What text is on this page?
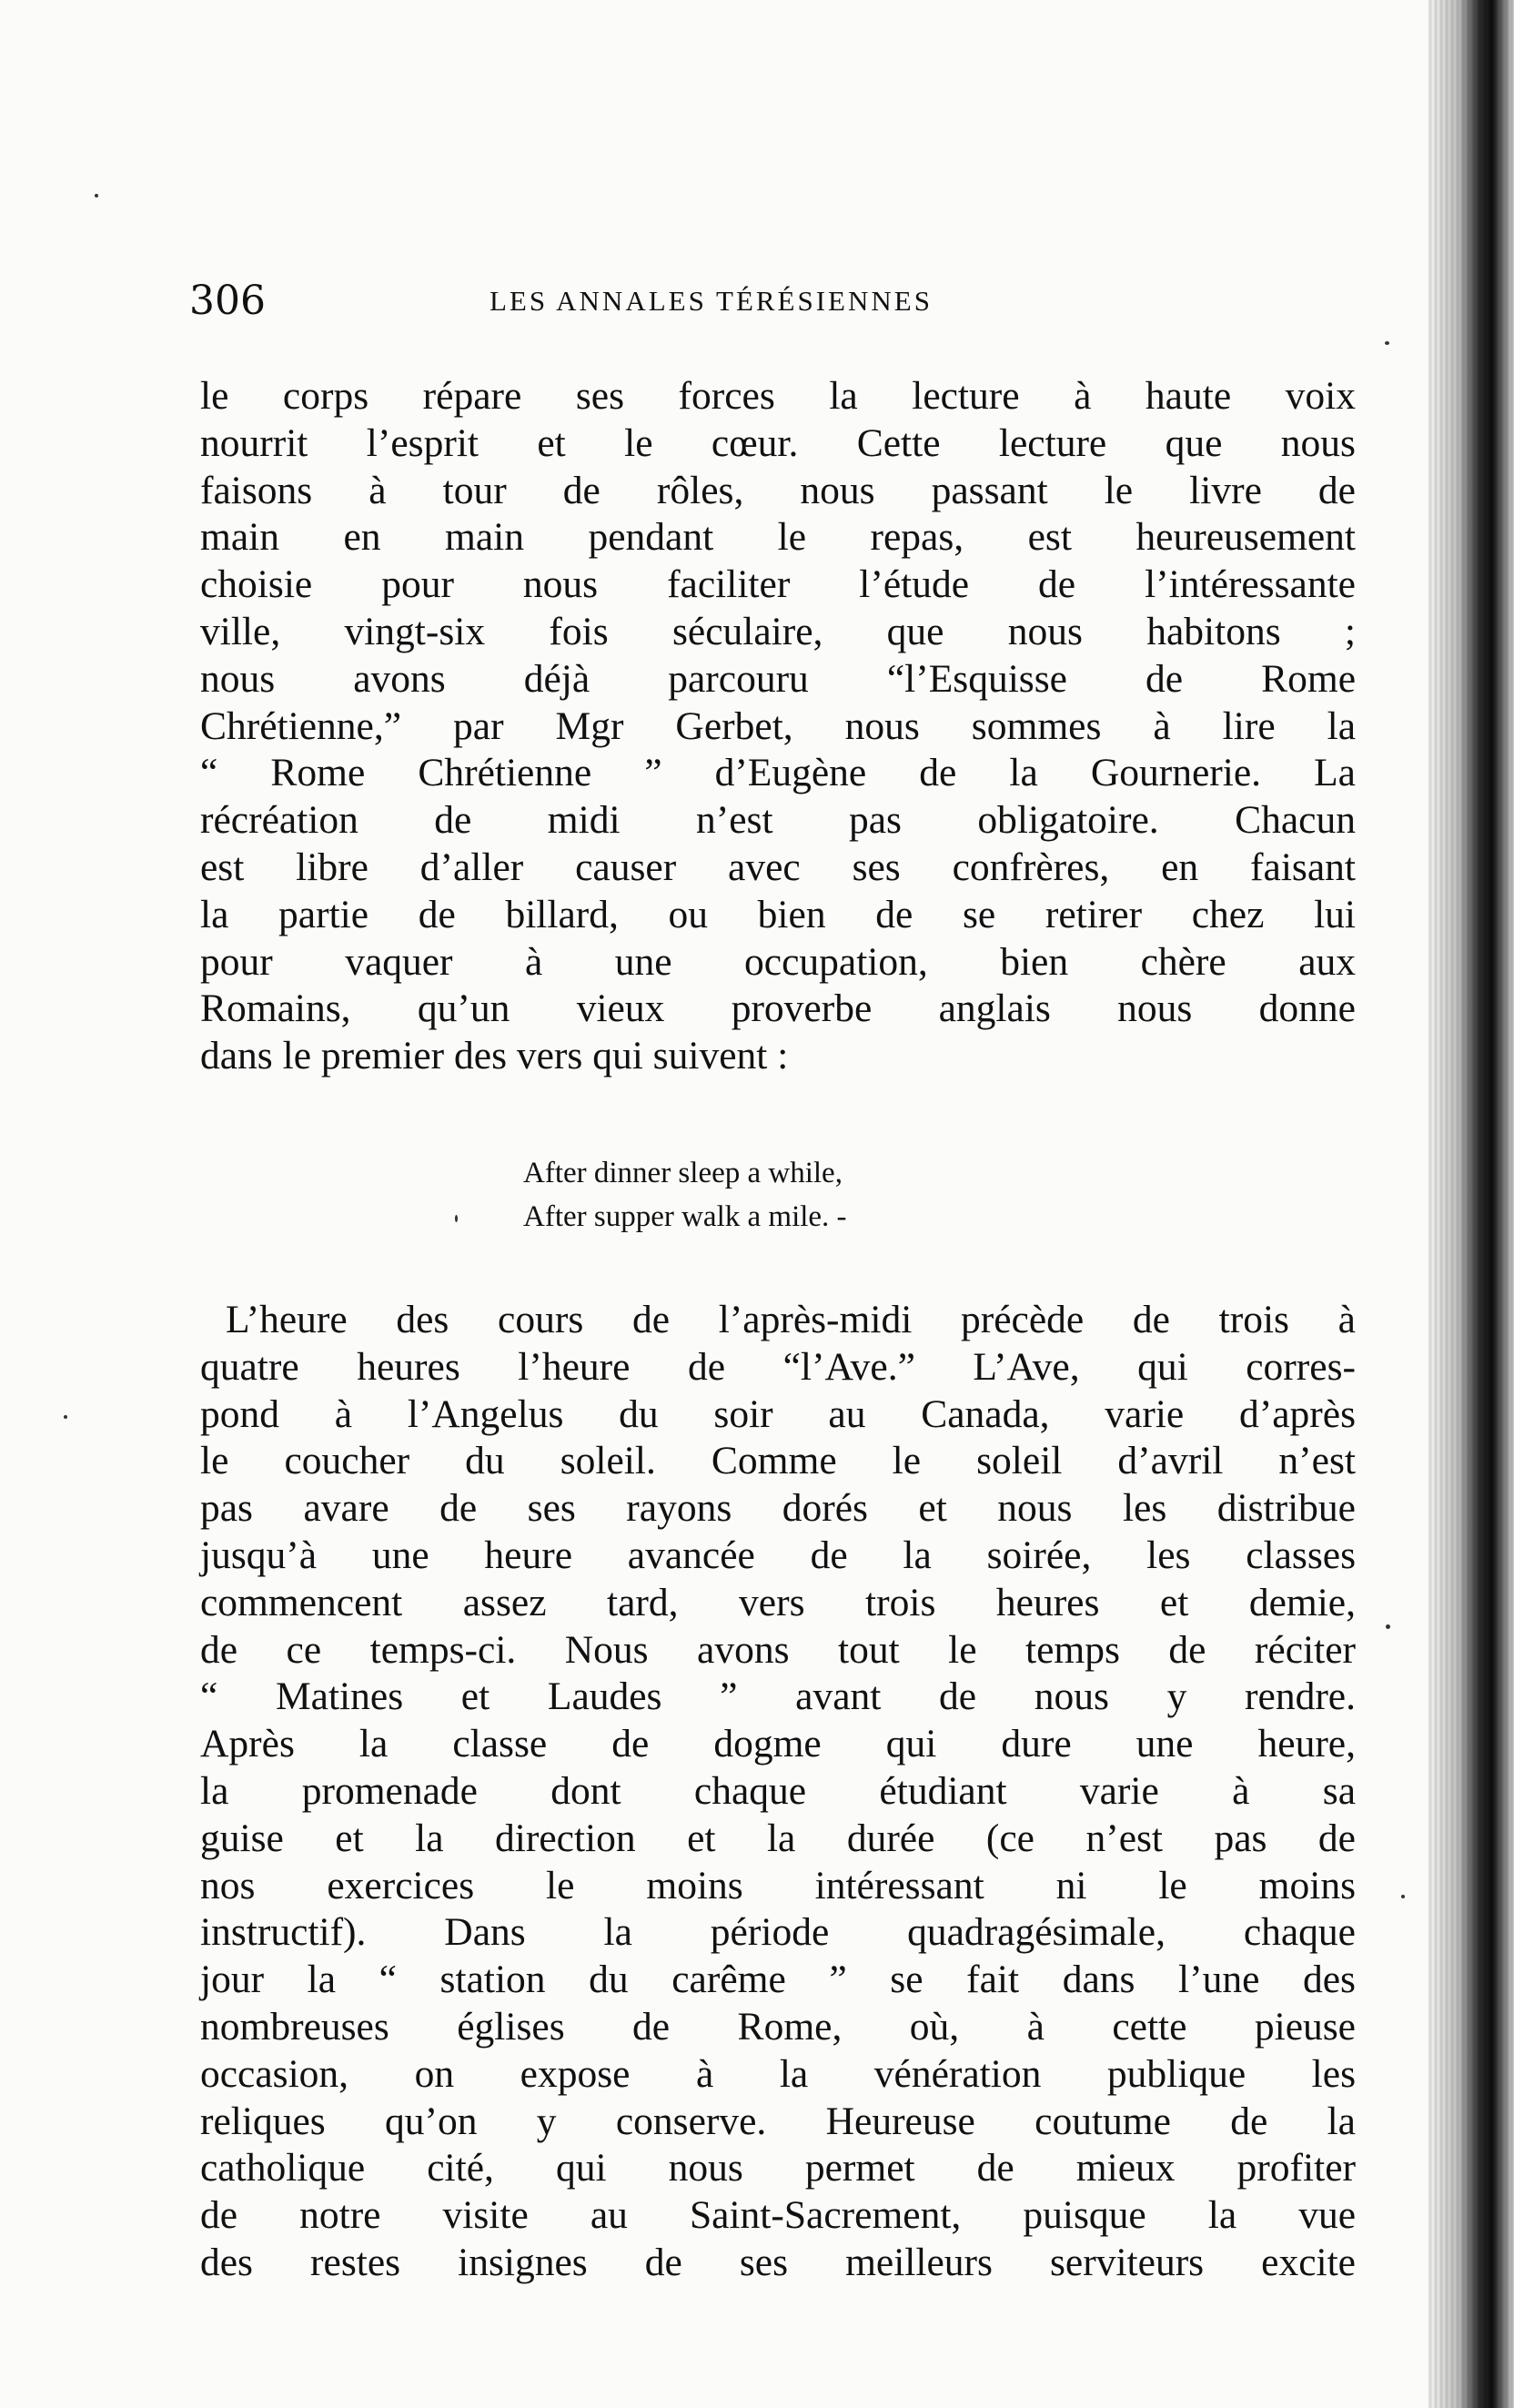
306	LES ANNALES TÉRÉSIENNES
le corps répare ses forces la lecture à haute voix
nourrit l’esprit et le cœur. Cette lecture que nous
faisons à tour de rôles, nous passant le livre de
main en main pendant le repas, est heureusement
choisie pour nous faciliter l’étude de l’intéressante
ville, vingt-six fois séculaire, que nous habitons ;
nous avons déjà parcouru “l’Esquisse de Rome
Chrétienne,” par Mgr Gerbet, nous sommes à lire la
“ Rome Chrétienne ” d’Eugène de la Gournerie. La
récréation de midi n’est pas obligatoire. Chacun
est libre d’aller causer avec ses confrères, en faisant
la partie de billard, ou bien de se retirer chez lui
pour vaquer à une occupation, bien chère aux
Romains, qu’un vieux proverbe anglais nous donne
dans le premier des vers qui suivent :
After dinner sleep a while,
After supper walk a mile. -
L’heure des cours de l’après-midi précède de trois à
quatre heures l’heure de “l’Ave.” L’Ave, qui corres-
pond à l’Angelus du soir au Canada, varie d’après
le coucher du soleil. Comme le soleil d’avril n’est
pas avare de ses rayons dorés et nous les distribue
jusqu’à une heure avancée de la soirée, les classes
commencent assez tard, vers trois heures et demie,
de ce temps-ci. Nous avons tout le temps de réciter
“ Matines et Laudes ” avant de nous y rendre.
Après la classe de dogme qui dure une heure,
la promenade dont chaque étudiant varie à sa
guise et la direction et la durée (ce n’est pas de
nos exercices le moins intéressant ni le moins
instructif). Dans la période quadragésimale, chaque
jour la “ station du carême ” se fait dans l’une des
nombreuses églises de Rome, où, à cette pieuse
occasion, on expose à la vénération publique les
reliques qu’on y conserve. Heureuse coutume de la
catholique cité, qui nous permet de mieux profiter
de notre visite au Saint-Sacrement, puisque la vue
des restes insignes de ses meilleurs serviteurs excite
